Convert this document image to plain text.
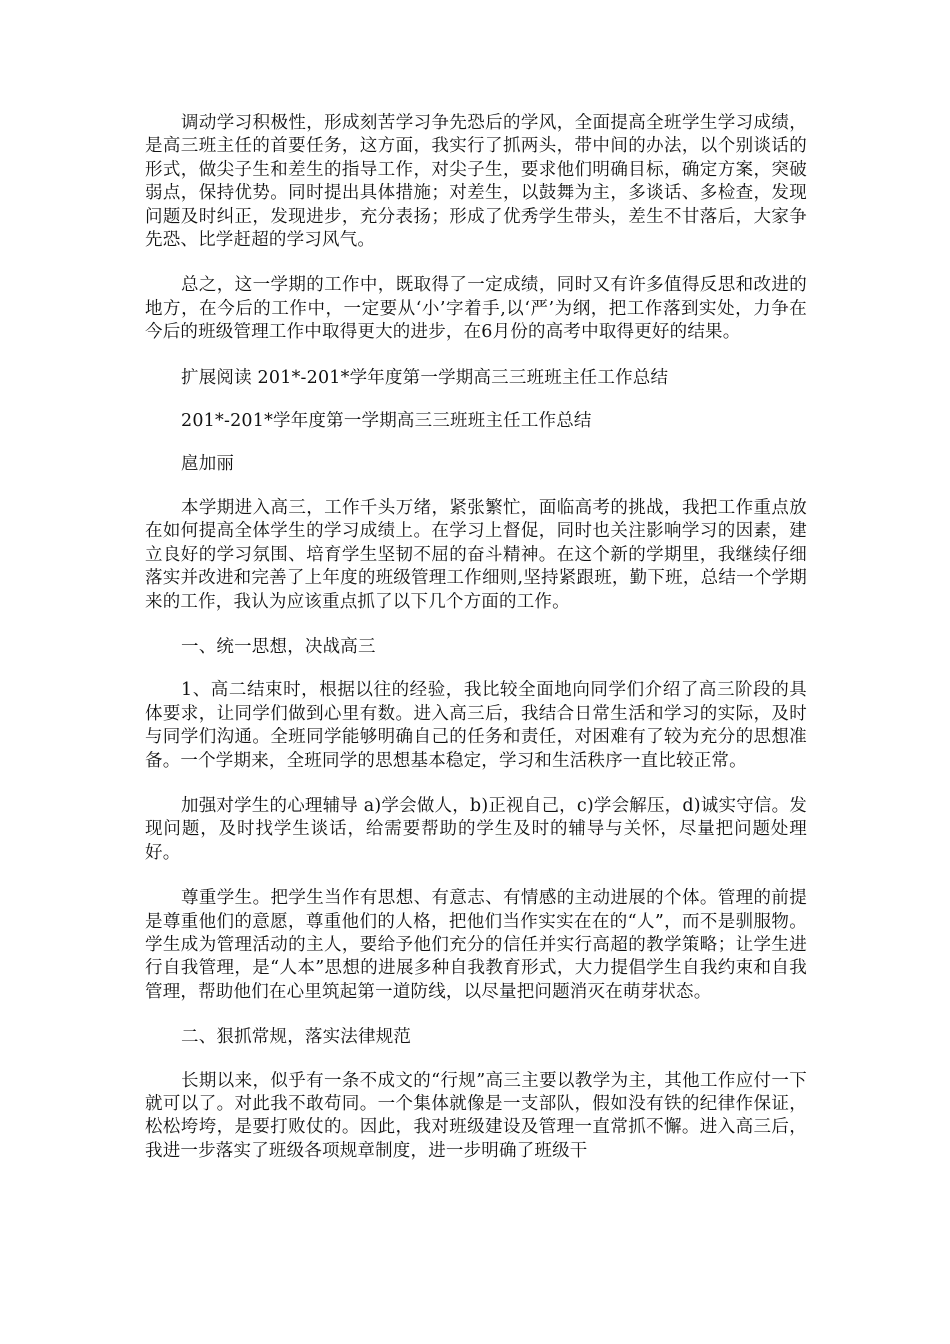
调动学习积极性，形成刻苦学习争先恐后的学风，全面提高全班学生学习成绩，是高三班主任的首要任务，这方面，我实行了抓两头，带中间的办法，以个别谈话的形式，做尖子生和差生的指导工作，对尖子生，要求他们明确目标，确定方案，突破弱点，保持优势。同时提出具体措施；对差生，以鼓舞为主，多谈话、多检查，发现问题及时纠正，发现进步，充分表扬；形成了优秀学生带头，差生不甘落后，大家争先恐、比学赶超的学习风气。

总之，这一学期的工作中，既取得了一定成绩，同时又有许多值得反思和改进的地方，在今后的工作中，一定要从‘小’字着手,以‘严’为纲，把工作落到实处，力争在今后的班级管理工作中取得更大的进步，在6月份的高考中取得更好的结果。

扩展阅读 201*-201*学年度第一学期高三三班班主任工作总结

201*-201*学年度第一学期高三三班班主任工作总结

扈加丽

本学期进入高三，工作千头万绪，紧张繁忙，面临高考的挑战，我把工作重点放在如何提高全体学生的学习成绩上。在学习上督促，同时也关注影响学习的因素，建立良好的学习氛围、培育学生坚韧不屈的奋斗精神。在这个新的学期里，我继续仔细落实并改进和完善了上年度的班级管理工作细则,坚持紧跟班，勤下班，总结一个学期来的工作，我认为应该重点抓了以下几个方面的工作。

一、统一思想，决战高三

1、高二结束时，根据以往的经验，我比较全面地向同学们介绍了高三阶段的具体要求，让同学们做到心里有数。进入高三后，我结合日常生活和学习的实际，及时与同学们沟通。全班同学能够明确自己的任务和责任，对困难有了较为充分的思想准备。一个学期来，全班同学的思想基本稳定，学习和生活秩序一直比较正常。

加强对学生的心理辅导 a)学会做人，b)正视自己，c)学会解压，d)诚实守信。发现问题，及时找学生谈话，给需要帮助的学生及时的辅导与关怀，尽量把问题处理好。

尊重学生。把学生当作有思想、有意志、有情感的主动进展的个体。管理的前提是尊重他们的意愿，尊重他们的人格，把他们当作实实在在的“人”，而不是驯服物。学生成为管理活动的主人，要给予他们充分的信任并实行高超的教学策略；让学生进行自我管理，是“人本”思想的进展多种自我教育形式，大力提倡学生自我约束和自我管理，帮助他们在心里筑起第一道防线，以尽量把问题消灭在萌芽状态。

二、狠抓常规，落实法律规范

长期以来，似乎有一条不成文的“行规”高三主要以教学为主，其他工作应付一下就可以了。对此我不敢苟同。一个集体就像是一支部队，假如没有铁的纪律作保证，松松垮垮，是要打败仗的。因此，我对班级建设及管理一直常抓不懈。进入高三后，我进一步落实了班级各项规章制度，进一步明确了班级干
